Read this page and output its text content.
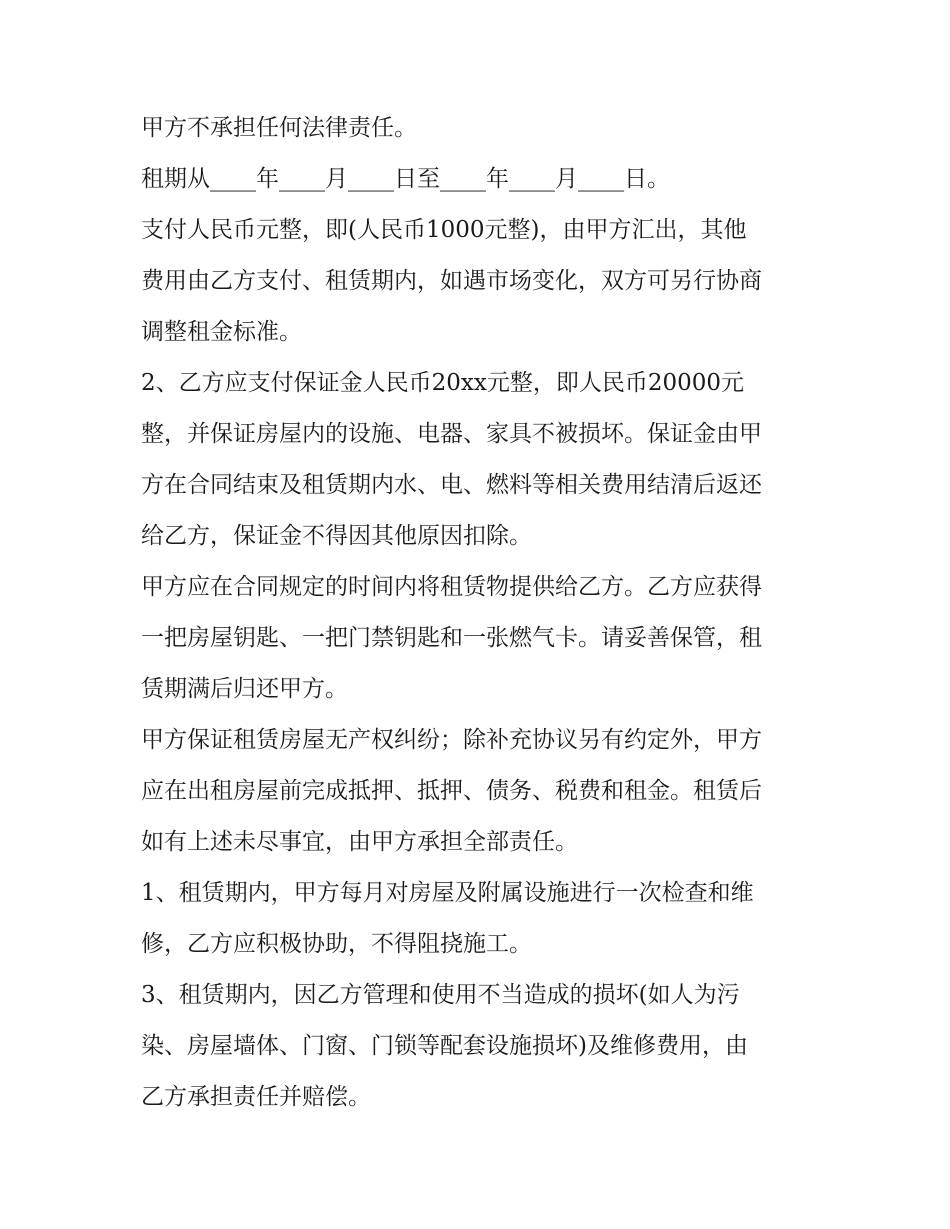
甲方不承担任何法律责任。
租期从____年____月____日至____年____月____日。
支付人民币元整，即(人民币1000元整)，由甲方汇出，其他
费用由乙方支付、租赁期内，如遇市场变化，双方可另行协商
调整租金标准。
2、乙方应支付保证金人民币20xx元整，即人民币20000元
整，并保证房屋内的设施、电器、家具不被损坏。保证金由甲
方在合同结束及租赁期内水、电、燃料等相关费用结清后返还
给乙方，保证金不得因其他原因扣除。
甲方应在合同规定的时间内将租赁物提供给乙方。乙方应获得
一把房屋钥匙、一把门禁钥匙和一张燃气卡。请妥善保管，租
赁期满后归还甲方。
甲方保证租赁房屋无产权纠纷；除补充协议另有约定外，甲方
应在出租房屋前完成抵押、抵押、债务、税费和租金。租赁后
如有上述未尽事宜，由甲方承担全部责任。
1、租赁期内，甲方每月对房屋及附属设施进行一次检查和维
修，乙方应积极协助，不得阻挠施工。
3、租赁期内，因乙方管理和使用不当造成的损坏(如人为污
染、房屋墙体、门窗、门锁等配套设施损坏)及维修费用，由
乙方承担责任并赔偿。
